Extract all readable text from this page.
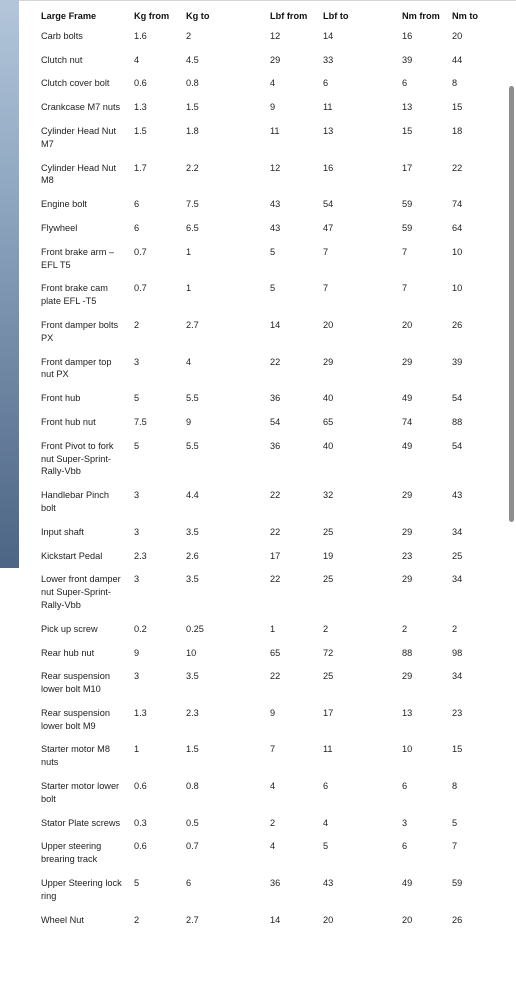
Large Frame	Kg from	Kg to	Lbf from	Lbf to	Nm from	Nm to
Carb bolts	1.6	2	12	14	16	20
Clutch nut	4	4.5	29	33	39	44
Clutch cover bolt	0.6	0.8	4	6	6	8
Crankcase M7 nuts	1.3	1.5	9	11	13	15
Cylinder Head Nut M7	1.5	1.8	11	13	15	18
Cylinder Head Nut M8	1.7	2.2	12	16	17	22
Engine bolt	6	7.5	43	54	59	74
Flywheel	6	6.5	43	47	59	64
Front brake arm – EFL T5	0.7	1	5	7	7	10
Front brake cam plate EFL -T5	0.7	1	5	7	7	10
Front damper bolts PX	2	2.7	14	20	20	26
Front damper top nut PX	3	4	22	29	29	39
Front hub	5	5.5	36	40	49	54
Front hub nut	7.5	9	54	65	74	88
Front Pivot to fork nut Super-Sprint-Rally-Vbb	5	5.5	36	40	49	54
Handlebar Pinch bolt	3	4.4	22	32	29	43
Input shaft	3	3.5	22	25	29	34
Kickstart Pedal	2.3	2.6	17	19	23	25
Lower front damper nut Super-Sprint-Rally-Vbb	3	3.5	22	25	29	34
Pick up screw	0.2	0.25	1	2	2	2
Rear hub nut	9	10	65	72	88	98
Rear suspension lower bolt M10	3	3.5	22	25	29	34
Rear suspension lower bolt M9	1.3	2.3	9	17	13	23
Starter motor M8 nuts	1	1.5	7	11	10	15
Starter motor lower bolt	0.6	0.8	4	6	6	8
Stator Plate screws	0.3	0.5	2	4	3	5
Upper steering brearing track	0.6	0.7	4	5	6	7
Upper Steering lock ring	5	6	36	43	49	59
Wheel Nut	2	2.7	14	20	20	26
